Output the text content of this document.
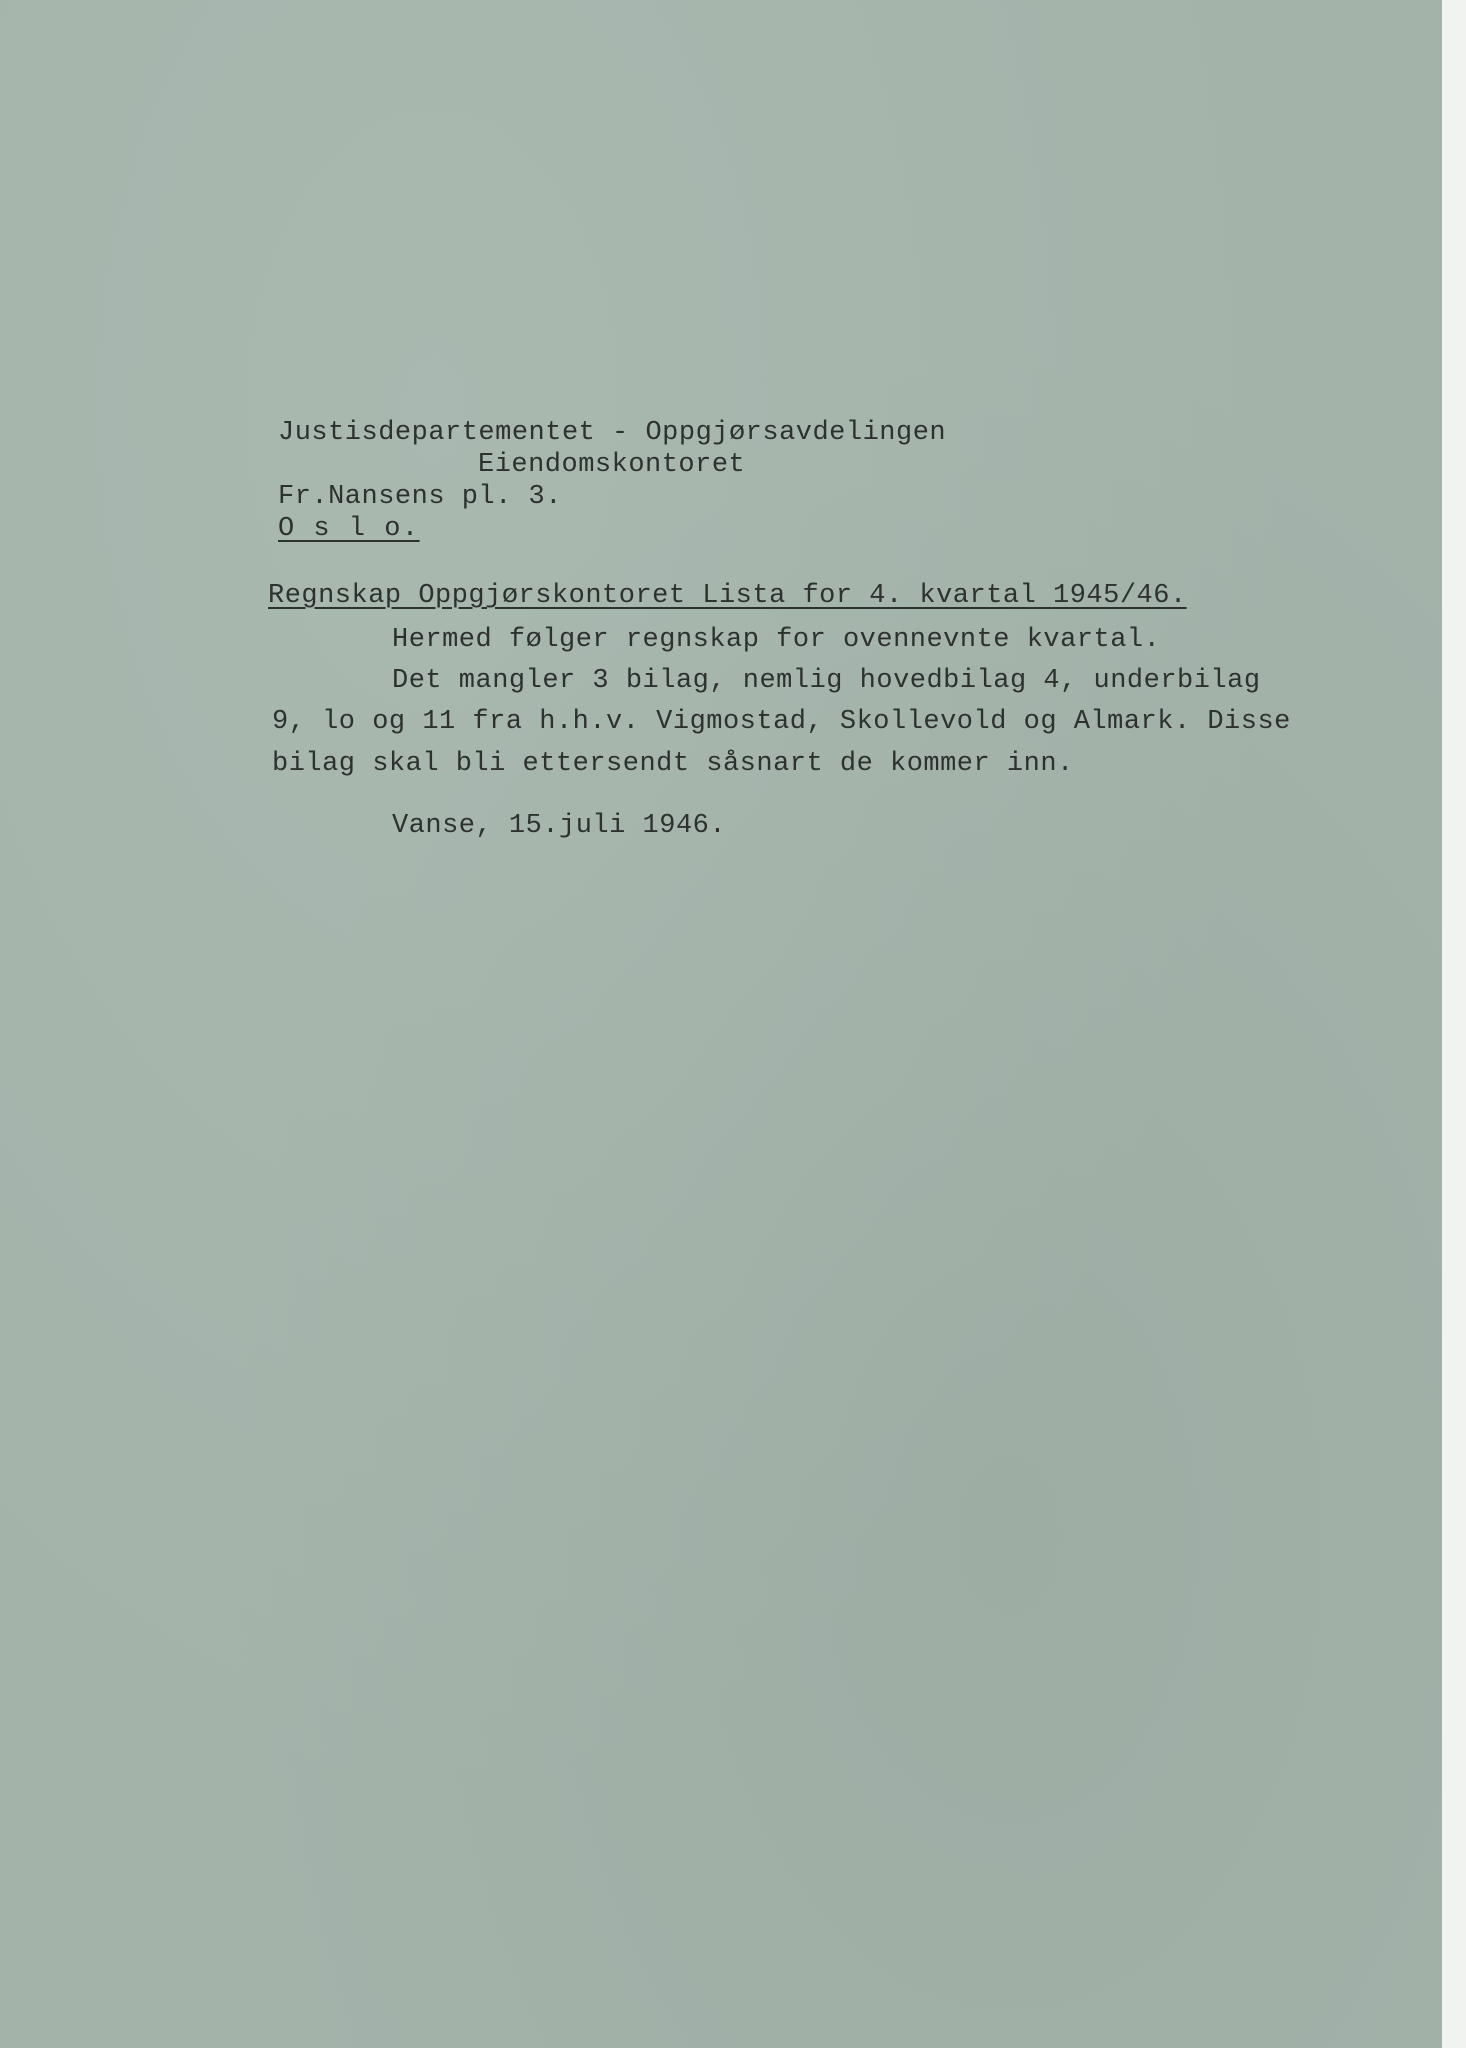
Justisdepartementet - Oppgjørsavdelingen
Eiendomskontoret
Fr.Nansens pl. 3.
O s l o.
Regnskap Oppgjørskontoret Lista for 4. kvartal 1945/46.
Hermed følger regnskap for ovennevnte kvartal.
Det mangler 3 bilag, nemlig hovedbilag 4, underbilag
9, lo og 11 fra h.h.v. Vigmostad, Skollevold og Almark. Disse
bilag skal bli ettersendt såsnart de kommer inn.
Vanse, 15.juli 1946.
